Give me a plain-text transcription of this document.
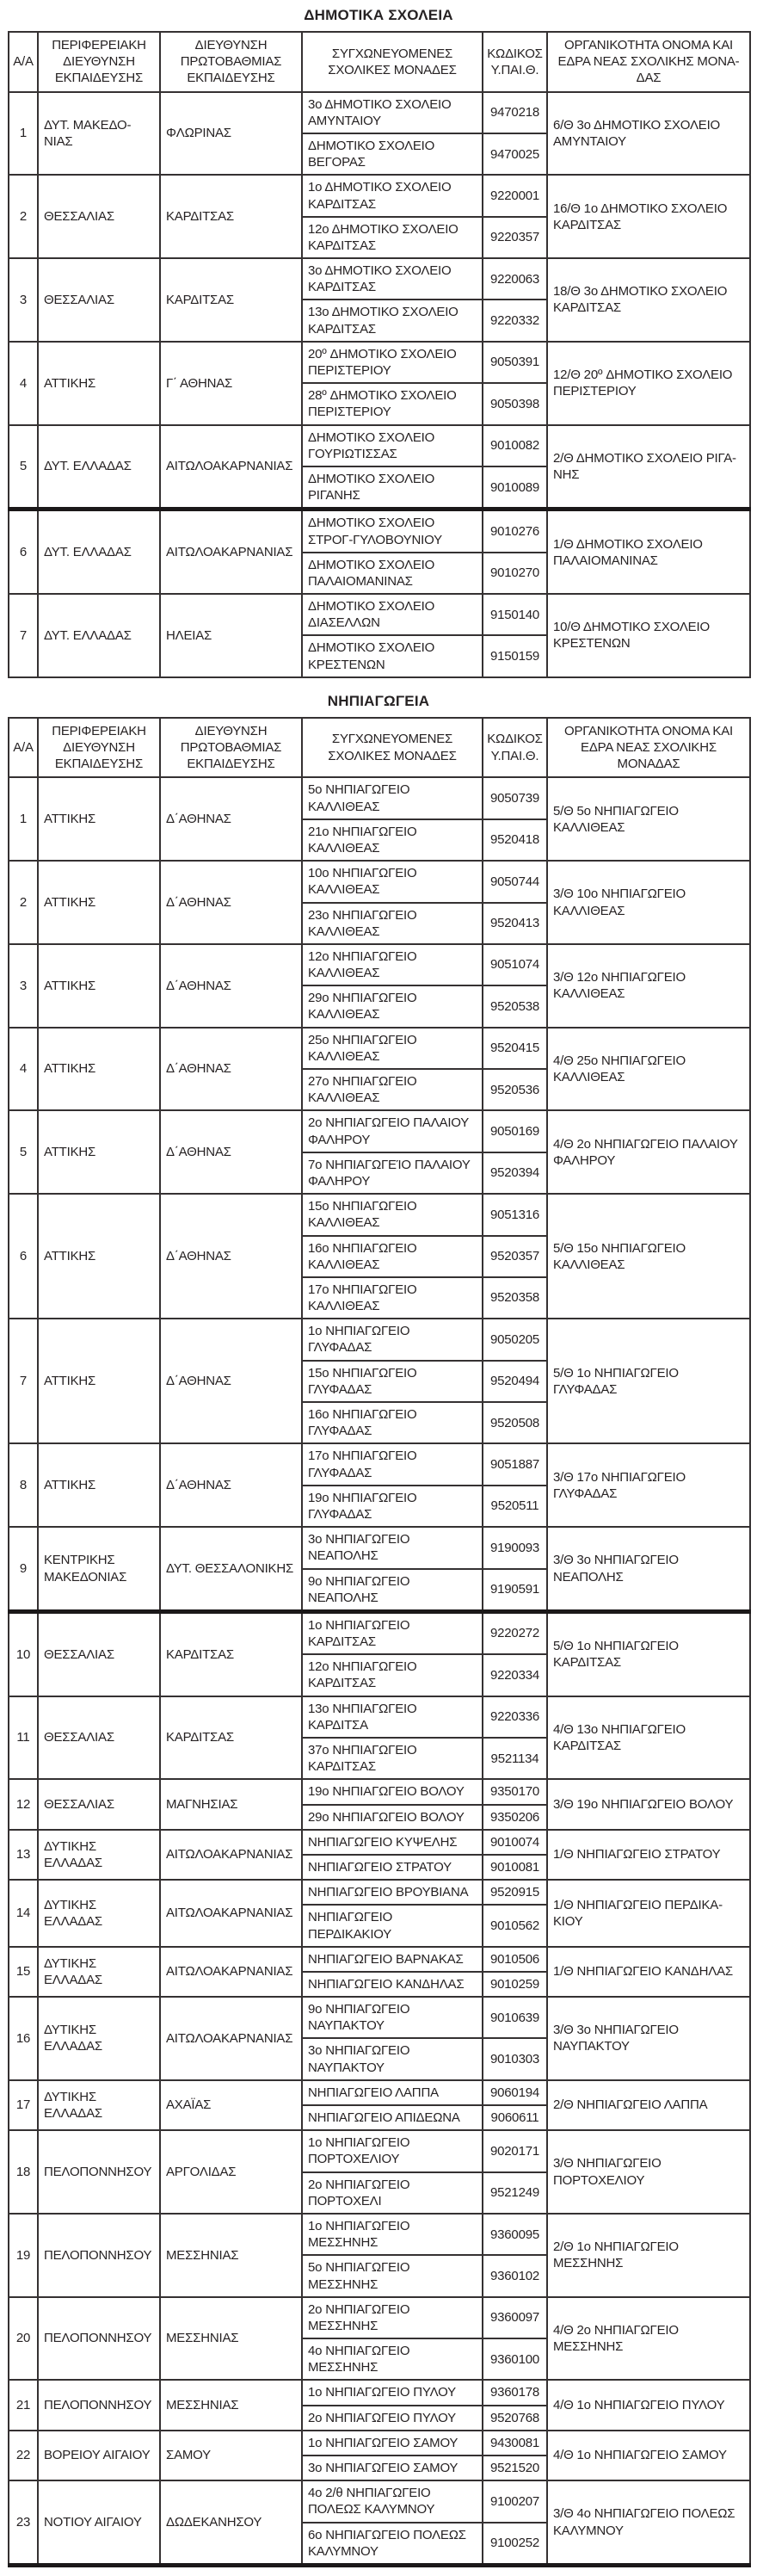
ΔΗΜΟΤΙΚΑ ΣΧΟΛΕΙΑ
Α/Α	ΠΕΡΙΦΕΡΕΙΑΚΗ ΔΙΕΥΘΥΝΣΗ ΕΚΠΑΙΔΕΥΣΗΣ	ΔΙΕΥΘΥΝΣΗ ΠΡΩΤΟΒΑΘΜΙΑΣ ΕΚΠΑΙΔΕΥΣΗΣ	ΣΥΓΧΩΝΕΥΟΜΕΝΕΣ ΣΧΟΛΙΚΕΣ ΜΟΝΑΔΕΣ	ΚΩΔΙΚΟΣ Υ.ΠΑΙ.Θ.	ΟΡΓΑΝΙΚΟΤΗΤΑ ΟΝΟΜΑ ΚΑΙ ΕΔΡΑ ΝΕΑΣ ΣΧΟΛΙΚΗΣ ΜΟΝΑ-ΔΑΣ
1	ΔΥΤ. ΜΑΚΕΔΟ-ΝΙΑΣ	ΦΛΩΡΙΝΑΣ	3ο ΔΗΜΟΤΙΚΟ ΣΧΟΛΕΙΟ ΑΜΥΝΤΑΙΟΥ	9470218	6/Θ 3ο ΔΗΜΟΤΙΚΟ ΣΧΟΛΕΙΟ ΑΜΥΝΤΑΙΟΥ
			ΔΗΜΟΤΙΚΟ ΣΧΟΛΕΙΟ ΒΕΓΟΡΑΣ	9470025	
2	ΘΕΣΣΑΛΙΑΣ	ΚΑΡΔΙΤΣΑΣ	1ο ΔΗΜΟΤΙΚΟ ΣΧΟΛΕΙΟ ΚΑΡΔΙΤΣΑΣ	9220001	16/Θ 1ο ΔΗΜΟΤΙΚΟ ΣΧΟΛΕΙΟ ΚΑΡΔΙΤΣΑΣ
			12ο ΔΗΜΟΤΙΚΟ ΣΧΟΛΕΙΟ ΚΑΡΔΙΤΣΑΣ	9220357	
3	ΘΕΣΣΑΛΙΑΣ	ΚΑΡΔΙΤΣΑΣ	3ο ΔΗΜΟΤΙΚΟ ΣΧΟΛΕΙΟ ΚΑΡΔΙΤΣΑΣ	9220063	18/Θ 3ο ΔΗΜΟΤΙΚΟ ΣΧΟΛΕΙΟ ΚΑΡΔΙΤΣΑΣ
			13ο ΔΗΜΟΤΙΚΟ ΣΧΟΛΕΙΟ ΚΑΡΔΙΤΣΑΣ	9220332	
4	ΑΤΤΙΚΗΣ	Γ΄ ΑΘΗΝΑΣ	20º ΔΗΜΟΤΙΚΟ ΣΧΟΛΕΙΟ ΠΕΡΙΣΤΕΡΙΟΥ	9050391	12/Θ 20º ΔΗΜΟΤΙΚΟ ΣΧΟΛΕΙΟ ΠΕΡΙΣΤΕΡΙΟΥ
			28º ΔΗΜΟΤΙΚΟ ΣΧΟΛΕΙΟ ΠΕΡΙΣΤΕΡΙΟΥ	9050398	
5	ΔΥΤ. ΕΛΛΑΔΑΣ	ΑΙΤΩΛΟΑΚΑΡΝΑΝΙΑΣ	ΔΗΜΟΤΙΚΟ ΣΧΟΛΕΙΟ ΓΟΥΡΙΩΤΙΣΣΑΣ	9010082	2/Θ ΔΗΜΟΤΙΚΟ ΣΧΟΛΕΙΟ ΡΙΓΑ-ΝΗΣ
			ΔΗΜΟΤΙΚΟ ΣΧΟΛΕΙΟ ΡΙΓΑΝΗΣ	9010089	
6	ΔΥΤ. ΕΛΛΑΔΑΣ	ΑΙΤΩΛΟΑΚΑΡΝΑΝΙΑΣ	ΔΗΜΟΤΙΚΟ ΣΧΟΛΕΙΟ ΣΤΡΟΓ-ΓΥΛΟΒΟΥΝΙΟΥ	9010276	1/Θ ΔΗΜΟΤΙΚΟ ΣΧΟΛΕΙΟ ΠΑΛΑΙΟΜΑΝΙΝΑΣ
			ΔΗΜΟΤΙΚΟ ΣΧΟΛΕΙΟ ΠΑΛΑΙΟΜΑΝΙΝΑΣ	9010270	
7	ΔΥΤ. ΕΛΛΑΔΑΣ	ΗΛΕΙΑΣ	ΔΗΜΟΤΙΚΟ ΣΧΟΛΕΙΟ ΔΙΑΣΕΛΛΩΝ	9150140	10/Θ ΔΗΜΟΤΙΚΟ ΣΧΟΛΕΙΟ ΚΡΕΣΤΕΝΩΝ
			ΔΗΜΟΤΙΚΟ ΣΧΟΛΕΙΟ ΚΡΕΣΤΕΝΩΝ	9150159	
ΝΗΠΙΑΓΩΓΕΙΑ
Α/Α	ΠΕΡΙΦΕΡΕΙΑΚΗ ΔΙΕΥΘΥΝΣΗ ΕΚΠΑΙΔΕΥΣΗΣ	ΔΙΕΥΘΥΝΣΗ ΠΡΩΤΟΒΑΘΜΙΑΣ ΕΚΠΑΙΔΕΥΣΗΣ	ΣΥΓΧΩΝΕΥΟΜΕΝΕΣ ΣΧΟΛΙΚΕΣ ΜΟΝΑΔΕΣ	ΚΩΔΙΚΟΣ Υ.ΠΑΙ.Θ.	ΟΡΓΑΝΙΚΟΤΗΤΑ ΟΝΟΜΑ ΚΑΙ ΕΔΡΑ ΝΕΑΣ ΣΧΟΛΙΚΗΣ ΜΟΝΑΔΑΣ
1	ΑΤΤΙΚΗΣ	Δ΄ΑΘΗΝΑΣ	5ο ΝΗΠΙΑΓΩΓΕΙΟ ΚΑΛΛΙΘΕΑΣ	9050739	5/Θ 5ο ΝΗΠΙΑΓΩΓΕΙΟ ΚΑΛΛΙΘΕΑΣ
			21ο ΝΗΠΙΑΓΩΓΕΙΟ ΚΑΛΛΙΘΕΑΣ	9520418	
2	ΑΤΤΙΚΗΣ	Δ΄ΑΘΗΝΑΣ	10ο ΝΗΠΙΑΓΩΓΕΙΟ ΚΑΛΛΙΘΕΑΣ	9050744	3/Θ 10ο ΝΗΠΙΑΓΩΓΕΙΟ ΚΑΛΛΙΘΕΑΣ
			23ο ΝΗΠΙΑΓΩΓΕΙΟ ΚΑΛΛΙΘΕΑΣ	9520413	
3	ΑΤΤΙΚΗΣ	Δ΄ΑΘΗΝΑΣ	12ο ΝΗΠΙΑΓΩΓΕΙΟ ΚΑΛΛΙΘΕΑΣ	9051074	3/Θ 12ο ΝΗΠΙΑΓΩΓΕΙΟ ΚΑΛΛΙΘΕΑΣ
			29ο ΝΗΠΙΑΓΩΓΕΙΟ ΚΑΛΛΙΘΕΑΣ	9520538	
4	ΑΤΤΙΚΗΣ	Δ΄ΑΘΗΝΑΣ	25ο ΝΗΠΙΑΓΩΓΕΙΟ ΚΑΛΛΙΘΕΑΣ	9520415	4/Θ 25ο ΝΗΠΙΑΓΩΓΕΙΟ ΚΑΛΛΙΘΕΑΣ
			27ο ΝΗΠΙΑΓΩΓΕΙΟ ΚΑΛΛΙΘΕΑΣ	9520536	
5	ΑΤΤΙΚΗΣ	Δ΄ΑΘΗΝΑΣ	2ο ΝΗΠΙΑΓΩΓΕΙΟ ΠΑΛΑΙΟΥ ΦΑΛΗΡΟΥ	9050169	4/Θ 2ο ΝΗΠΙΑΓΩΓΕΙΟ ΠΑΛΑΙΟΥ ΦΑΛΗΡΟΥ
			7ο ΝΗΠΙΑΓΩΓΕΊΟ ΠΑΛΑΙΟΥ ΦΑΛΗΡΟΥ	9520394	
6	ΑΤΤΙΚΗΣ	Δ΄ΑΘΗΝΑΣ	15ο ΝΗΠΙΑΓΩΓΕΙΟ ΚΑΛΛΙΘΕΑΣ	9051316	5/Θ 15ο ΝΗΠΙΑΓΩΓΕΙΟ ΚΑΛΛΙΘΕΑΣ
			16ο ΝΗΠΙΑΓΩΓΕΙΟ ΚΑΛΛΙΘΕΑΣ	9520357	
			17ο ΝΗΠΙΑΓΩΓΕΙΟ ΚΑΛΛΙΘΕΑΣ	9520358	
7	ΑΤΤΙΚΗΣ	Δ΄ΑΘΗΝΑΣ	1ο ΝΗΠΙΑΓΩΓΕΙΟ ΓΛΥΦΑΔΑΣ	9050205	5/Θ 1ο ΝΗΠΙΑΓΩΓΕΙΟ ΓΛΥΦΑΔΑΣ
			15ο ΝΗΠΙΑΓΩΓΕΙΟ ΓΛΥΦΑΔΑΣ	9520494	
			16ο ΝΗΠΙΑΓΩΓΕΙΟ ΓΛΥΦΑΔΑΣ	9520508	
8	ΑΤΤΙΚΗΣ	Δ΄ΑΘΗΝΑΣ	17ο ΝΗΠΙΑΓΩΓΕΙΟ ΓΛΥΦΑΔΑΣ	9051887	3/Θ 17ο ΝΗΠΙΑΓΩΓΕΙΟ ΓΛΥΦΑΔΑΣ
			19ο ΝΗΠΙΑΓΩΓΕΙΟ ΓΛΥΦΑΔΑΣ	9520511	
9	ΚΕΝΤΡΙΚΗΣ ΜΑΚΕΔΟΝΙΑΣ	ΔΥΤ. ΘΕΣΣΑΛΟΝΙΚΗΣ	3ο ΝΗΠΙΑΓΩΓΕΙΟ ΝΕΑΠΟΛΗΣ	9190093	3/Θ 3ο ΝΗΠΙΑΓΩΓΕΙΟ ΝΕΑΠΟΛΗΣ
			9ο ΝΗΠΙΑΓΩΓΕΙΟ ΝΕΑΠΟΛΗΣ	9190591	
10	ΘΕΣΣΑΛΙΑΣ	ΚΑΡΔΙΤΣΑΣ	1ο ΝΗΠΙΑΓΩΓΕΙΟ ΚΑΡΔΙΤΣΑΣ	9220272	5/Θ 1ο ΝΗΠΙΑΓΩΓΕΙΟ ΚΑΡΔΙΤΣΑΣ
			12ο ΝΗΠΙΑΓΩΓΕΙΟ ΚΑΡΔΙΤΣΑΣ	9220334	
11	ΘΕΣΣΑΛΙΑΣ	ΚΑΡΔΙΤΣΑΣ	13ο ΝΗΠΙΑΓΩΓΕΙΟ ΚΑΡΔΙΤΣΑ	9220336	4/Θ 13ο ΝΗΠΙΑΓΩΓΕΙΟ ΚΑΡΔΙΤΣΑΣ
			37ο ΝΗΠΙΑΓΩΓΕΙΟ ΚΑΡΔΙΤΣΑΣ	9521134	
12	ΘΕΣΣΑΛΙΑΣ	ΜΑΓΝΗΣΙΑΣ	19ο ΝΗΠΙΑΓΩΓΕΙΟ ΒΟΛΟΥ	9350170	3/Θ 19ο ΝΗΠΙΑΓΩΓΕΙΟ ΒΟΛΟΥ
			29ο ΝΗΠΙΑΓΩΓΕΙΟ ΒΟΛΟΥ	9350206	
13	ΔΥΤΙΚΗΣ ΕΛΛΑΔΑΣ	ΑΙΤΩΛΟΑΚΑΡΝΑΝΙΑΣ	ΝΗΠΙΑΓΩΓΕΙΟ ΚΥΨΕΛΗΣ	9010074	1/Θ ΝΗΠΙΑΓΩΓΕΙΟ ΣΤΡΑΤΟΥ
			ΝΗΠΙΑΓΩΓΕΙΟ ΣΤΡΑΤΟΥ	9010081	
14	ΔΥΤΙΚΗΣ ΕΛΛΑΔΑΣ	ΑΙΤΩΛΟΑΚΑΡΝΑΝΙΑΣ	ΝΗΠΙΑΓΩΓΕΙΟ ΒΡΟΥΒΙΑΝΑ	9520915	1/Θ ΝΗΠΙΑΓΩΓΕΙΟ ΠΕΡΔΙΚΑ-ΚΙΟΥ
			ΝΗΠΙΑΓΩΓΕΙΟ ΠΕΡΔΙΚΑΚΙΟΥ	9010562	
15	ΔΥΤΙΚΗΣ ΕΛΛΑΔΑΣ	ΑΙΤΩΛΟΑΚΑΡΝΑΝΙΑΣ	ΝΗΠΙΑΓΩΓΕΙΟ ΒΑΡΝΑΚΑΣ	9010506	1/Θ ΝΗΠΙΑΓΩΓΕΙΟ ΚΑΝΔΗΛΑΣ
			ΝΗΠΙΑΓΩΓΕΙΟ ΚΑΝΔΗΛΑΣ	9010259	
16	ΔΥΤΙΚΗΣ ΕΛΛΑΔΑΣ	ΑΙΤΩΛΟΑΚΑΡΝΑΝΙΑΣ	9ο ΝΗΠΙΑΓΩΓΕΙΟ ΝΑΥΠΑΚΤΟΥ	9010639	3/Θ 3ο ΝΗΠΙΑΓΩΓΕΙΟ ΝΑΥΠΑΚΤΟΥ
			3ο ΝΗΠΙΑΓΩΓΕΙΟ ΝΑΥΠΑΚΤΟΥ	9010303	
17	ΔΥΤΙΚΗΣ ΕΛΛΑΔΑΣ	ΑΧΑΪΑΣ	ΝΗΠΙΑΓΩΓΕΙΟ ΛΑΠΠΑ	9060194	2/Θ ΝΗΠΙΑΓΩΓΕΙΟ ΛΑΠΠΑ
			ΝΗΠΙΑΓΩΓΕΙΟ ΑΠΙΔΕΩΝΑ	9060611	
18	ΠΕΛΟΠΟΝΝΗΣΟΥ	ΑΡΓΟΛΙΔΑΣ	1ο ΝΗΠΙΑΓΩΓΕΙΟ ΠΟΡΤΟΧΕΛΙΟΥ	9020171	3/Θ ΝΗΠΙΑΓΩΓΕΙΟ ΠΟΡΤΟΧΕΛΙΟΥ
			2ο ΝΗΠΙΑΓΩΓΕΙΟ ΠΟΡΤΟΧΕΛΙ	9521249	
19	ΠΕΛΟΠΟΝΝΗΣΟΥ	ΜΕΣΣΗΝΙΑΣ	1ο ΝΗΠΙΑΓΩΓΕΙΟ ΜΕΣΣΗΝΗΣ	9360095	2/Θ 1ο ΝΗΠΙΑΓΩΓΕΙΟ ΜΕΣΣΗΝΗΣ
			5ο ΝΗΠΙΑΓΩΓΕΙΟ ΜΕΣΣΗΝΗΣ	9360102	
20	ΠΕΛΟΠΟΝΝΗΣΟΥ	ΜΕΣΣΗΝΙΑΣ	2ο ΝΗΠΙΑΓΩΓΕΙΟ ΜΕΣΣΗΝΗΣ	9360097	4/Θ 2ο ΝΗΠΙΑΓΩΓΕΙΟ ΜΕΣΣΗΝΗΣ
			4ο ΝΗΠΙΑΓΩΓΕΙΟ ΜΕΣΣΗΝΗΣ	9360100	
21	ΠΕΛΟΠΟΝΝΗΣΟΥ	ΜΕΣΣΗΝΙΑΣ	1ο ΝΗΠΙΑΓΩΓΕΙΟ ΠΥΛΟΥ	9360178	4/Θ 1ο ΝΗΠΙΑΓΩΓΕΙΟ ΠΥΛΟΥ
			2ο ΝΗΠΙΑΓΩΓΕΙΟ ΠΥΛΟΥ	9520768	
22	ΒΟΡΕΙΟΥ ΑΙΓΑΙΟΥ	ΣΑΜΟΥ	1ο ΝΗΠΙΑΓΩΓΕΙΟ ΣΑΜΟΥ	9430081	4/Θ 1ο ΝΗΠΙΑΓΩΓΕΙΟ ΣΑΜΟΥ
			3ο ΝΗΠΙΑΓΩΓΕΙΟ ΣΑΜΟΥ	9521520	
23	ΝΟΤΙΟΥ ΑΙΓΑΙΟΥ	ΔΩΔΕΚΑΝΗΣΟΥ	4ο 2/θ ΝΗΠΙΑΓΩΓΕΙΟ ΠΟΛΕΩΣ ΚΑΛΥΜΝΟΥ	9100207	3/Θ 4ο ΝΗΠΙΑΓΩΓΕΙΟ ΠΟΛΕΩΣ ΚΑΛΥΜΝΟΥ
			6ο ΝΗΠΙΑΓΩΓΕΙΟ ΠΟΛΕΩΣ ΚΑΛΥΜΝΟΥ	9100252	
